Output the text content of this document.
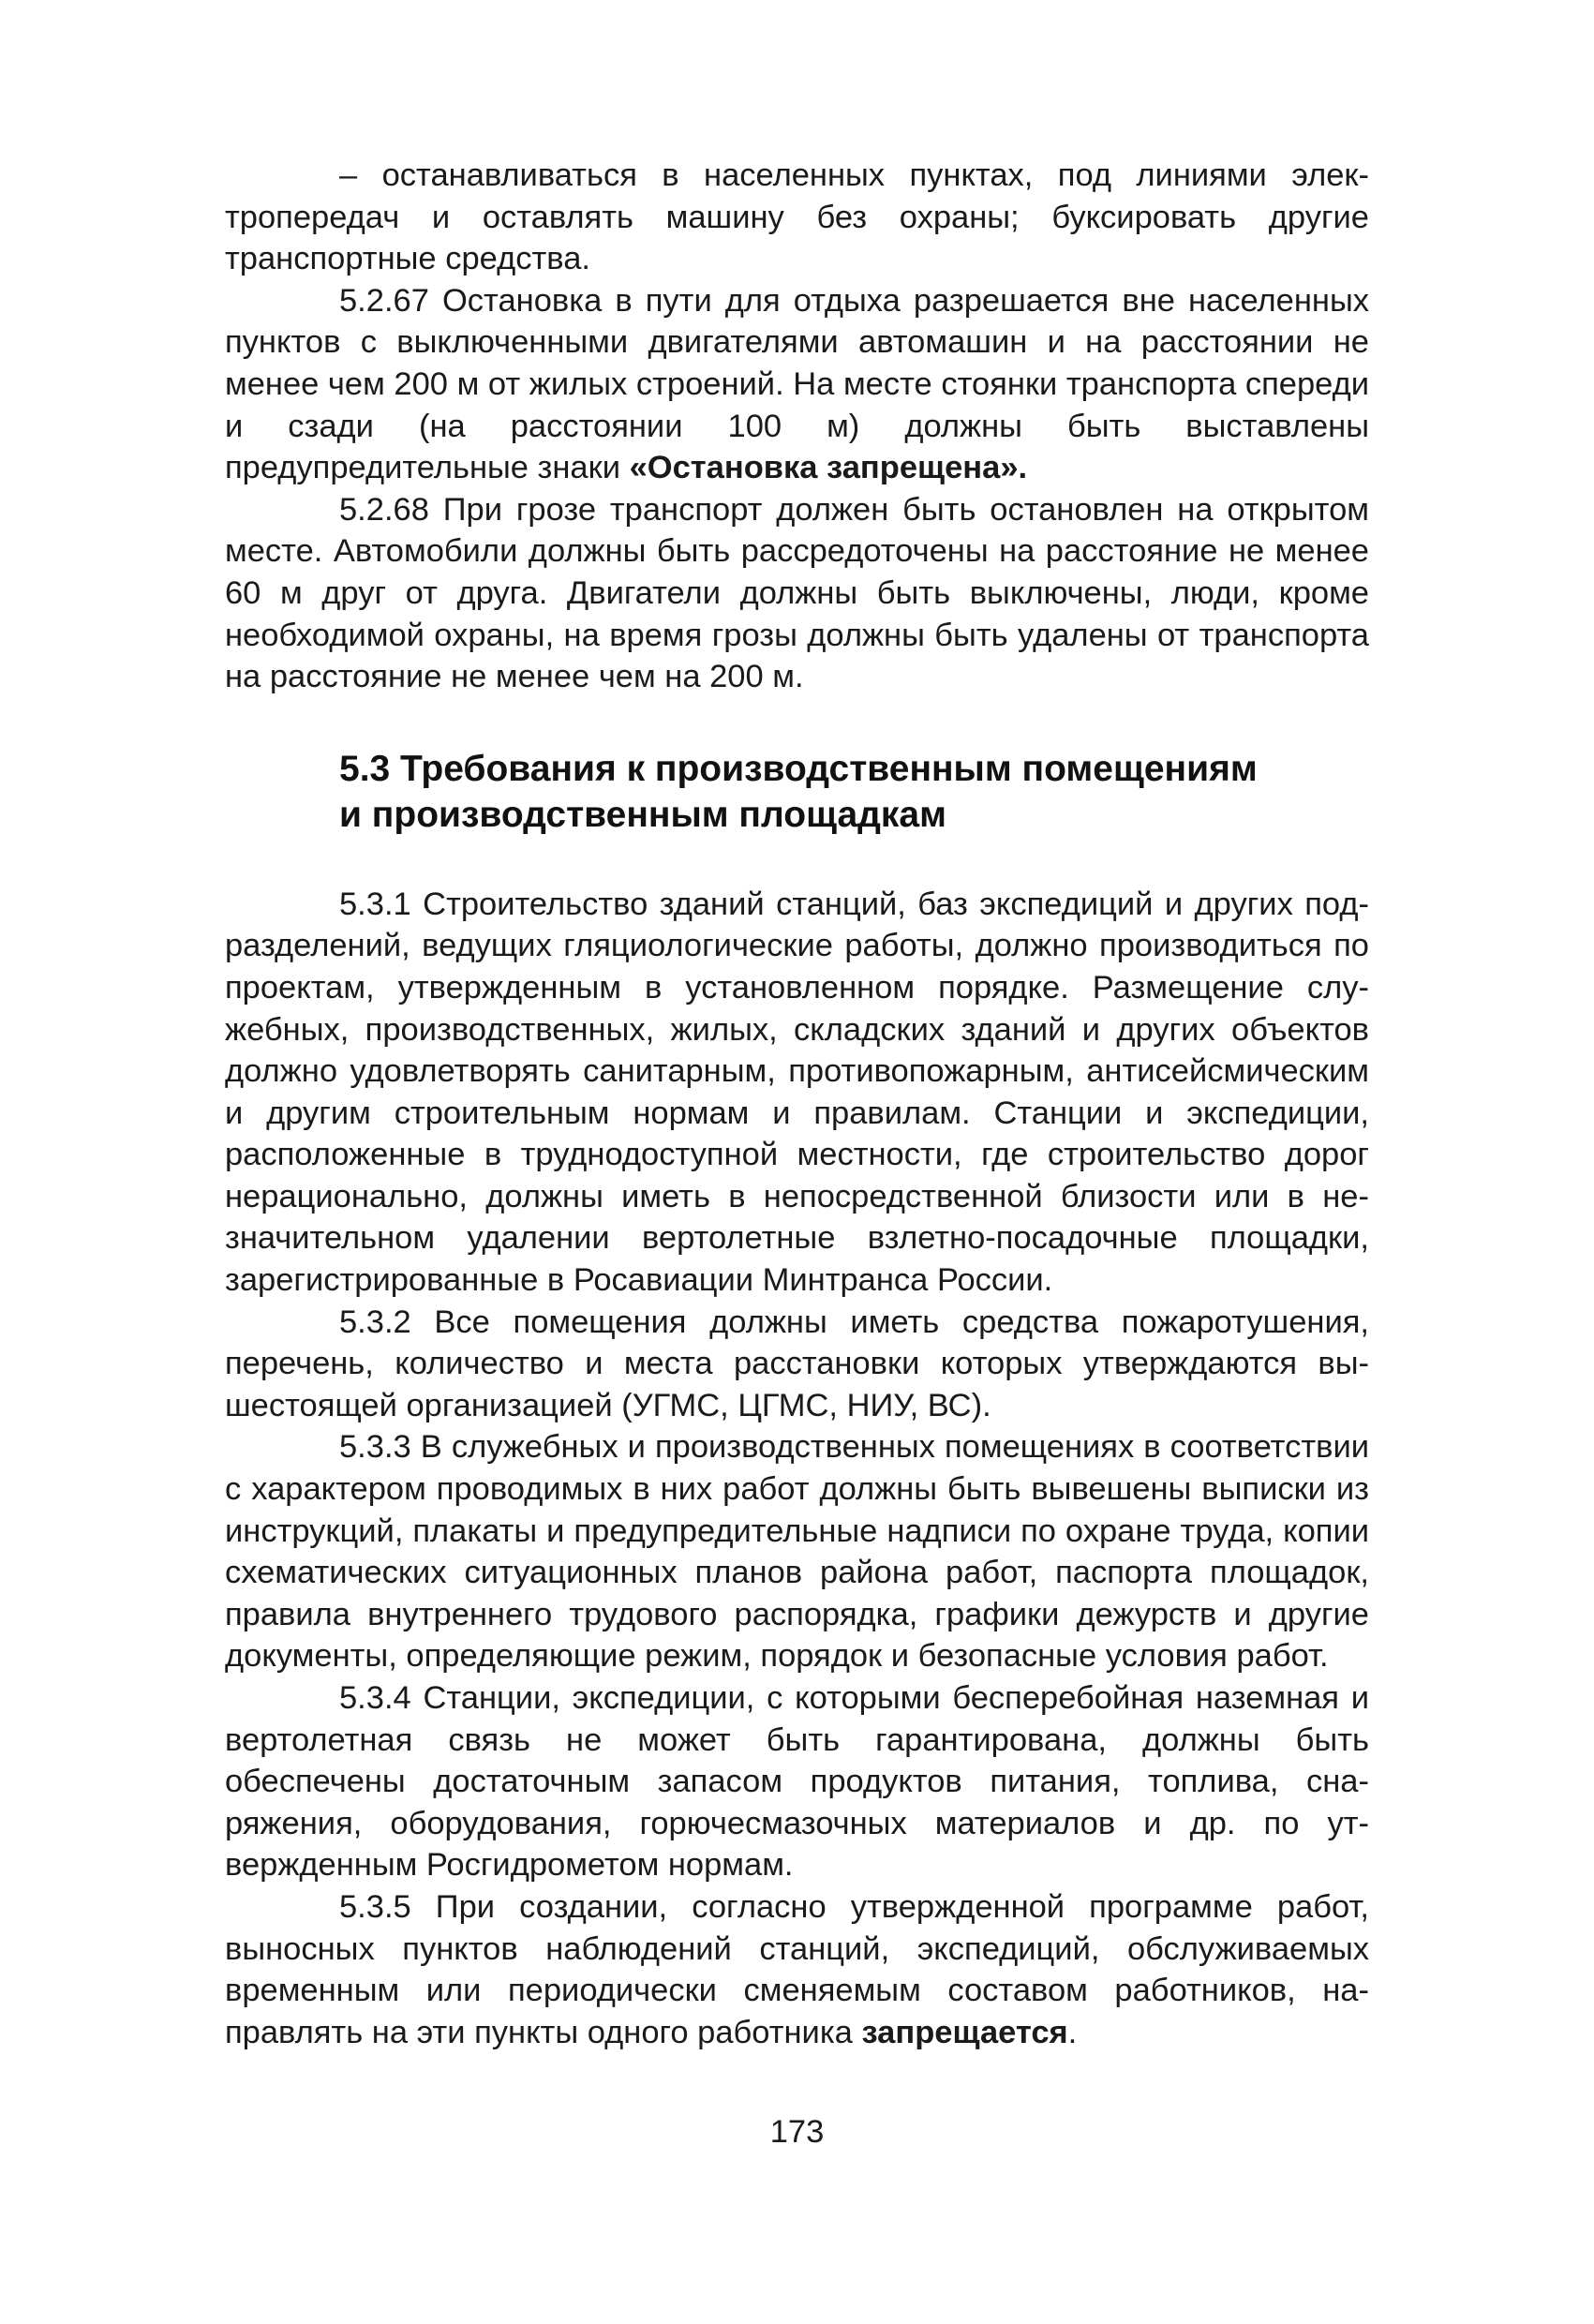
– останавливаться в населенных пунктах, под линиями электропередач и оставлять машину без охраны; буксировать другие транспортные средства.

5.2.67 Остановка в пути для отдыха разрешается вне населенных пунктов с выключенными двигателями автомашин и на расстоянии не менее чем 200 м от жилых строений. На месте стоянки транспорта спереди и сзади (на расстоянии 100 м) должны быть выставлены предупредительные знаки «Остановка запрещена».

5.2.68 При грозе транспорт должен быть остановлен на открытом месте. Автомобили должны быть рассредоточены на расстояние не менее 60 м друг от друга. Двигатели должны быть выключены, люди, кроме необходимой охраны, на время грозы должны быть удалены от транспорта на расстояние не менее чем на 200 м.

5.3 Требования к производственным помещениям
и производственным площадкам

5.3.1 Строительство зданий станций, баз экспедиций и других подразделений, ведущих гляциологические работы, должно производиться по проектам, утвержденным в установленном порядке. Размещение служебных, производственных, жилых, складских зданий и других объектов должно удовлетворять санитарным, противопожарным, антисейсмическим и другим строительным нормам и правилам. Станции и экспедиции, расположенные в труднодоступной местности, где строительство дорог нерационально, должны иметь в непосредственной близости или в незначительном удалении вертолетные взлетно-посадочные площадки, зарегистрированные в Росавиации Минтранса России.

5.3.2 Все помещения должны иметь средства пожаротушения, перечень, количество и места расстановки которых утверждаются вышестоящей организацией (УГМС, ЦГМС, НИУ, ВС).

5.3.3 В служебных и производственных помещениях в соответствии с характером проводимых в них работ должны быть вывешены выписки из инструкций, плакаты и предупредительные надписи по охране труда, копии схематических ситуационных планов района работ, паспорта площадок, правила внутреннего трудового распорядка, графики дежурств и другие документы, определяющие режим, порядок и безопасные условия работ.

5.3.4 Станции, экспедиции, с которыми бесперебойная наземная и вертолетная связь не может быть гарантирована, должны быть обеспечены достаточным запасом продуктов питания, топлива, снаряжения, оборудования, горючесмазочных материалов и др. по утвержденным Росгидрометом нормам.

5.3.5 При создании, согласно утвержденной программе работ, выносных пунктов наблюдений станций, экспедиций, обслуживаемых временным или периодически сменяемым составом работников, направлять на эти пункты одного работника запрещается.

173
